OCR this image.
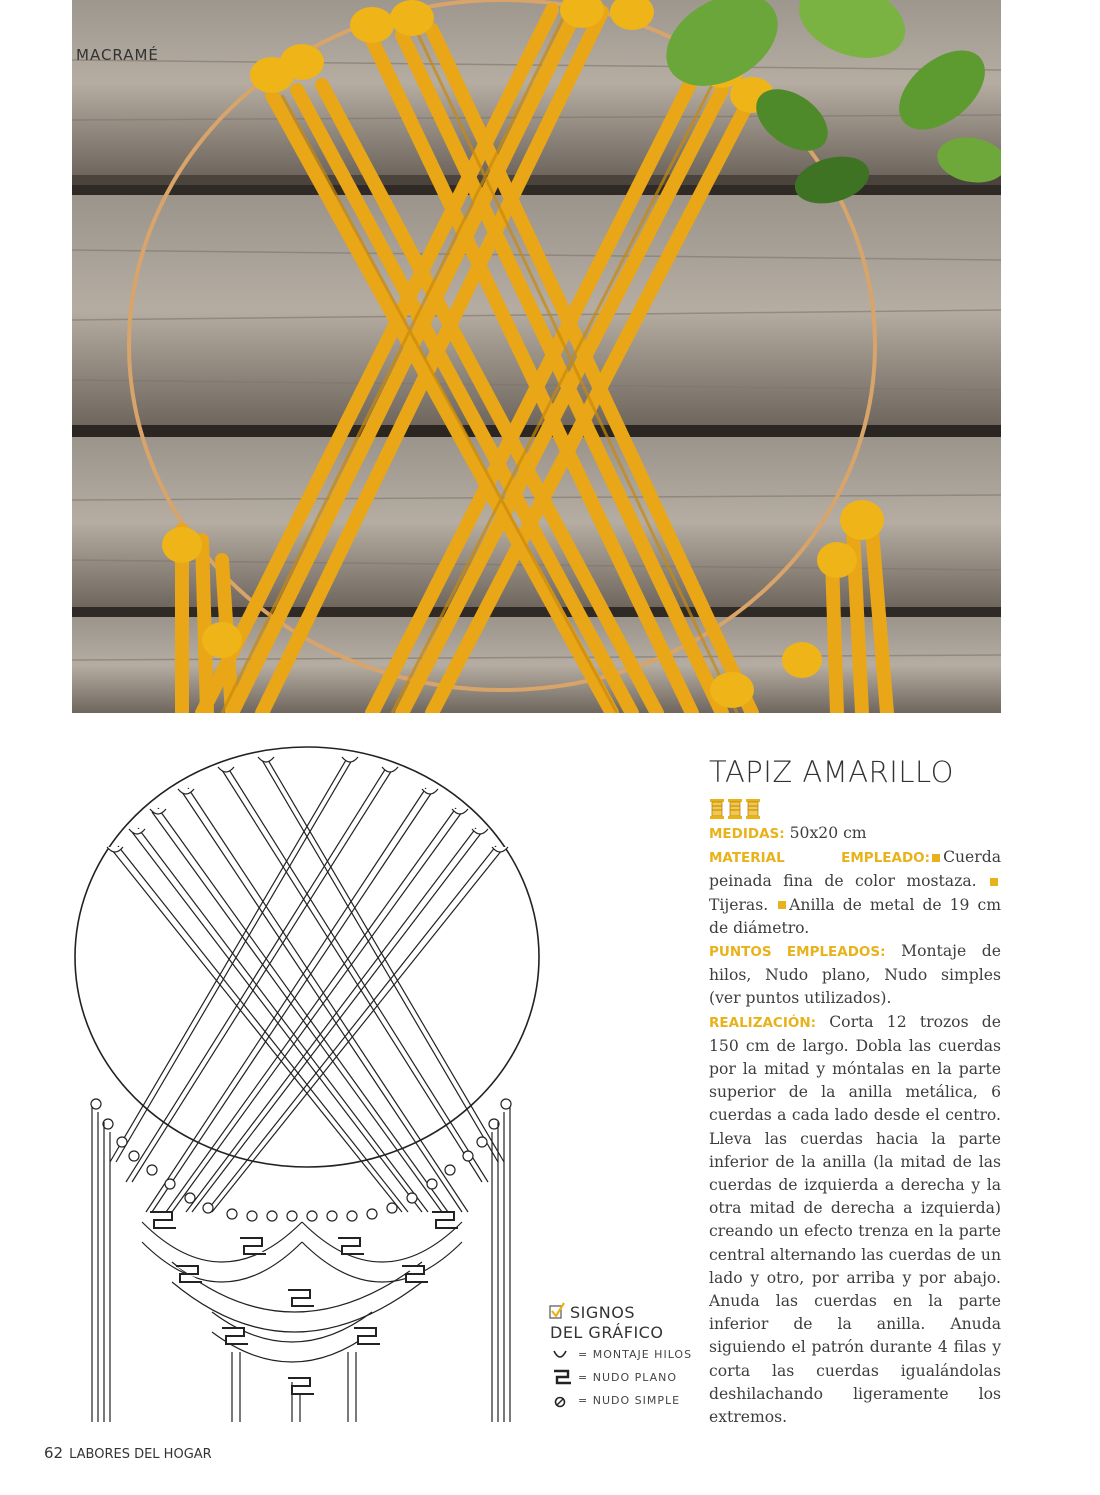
MACRAMÉ
SIGNOS
DEL GRÁFICO
= MONTAJE HILOS
= NUDO PLANO
= NUDO SIMPLE
TAPIZ AMARILLO

MEDIDAS: 50x20 cm

MATERIAL EMPLEADO: Cuerda peinada fina de color mostaza. Tijeras. Anilla de metal de 19 cm de diámetro.

PUNTOS EMPLEADOS: Montaje de hilos, Nudo plano, Nudo simples (ver puntos utilizados).

REALIZACIÓN: Corta 12 trozos de 150 cm de largo. Dobla las cuerdas por la mitad y móntalas en la parte superior de la anilla metálica, 6 cuerdas a cada lado desde el centro. Lleva las cuerdas hacia la parte inferior de la anilla (la mitad de las cuerdas de izquierda a derecha y la otra mitad de derecha a izquierda) creando un efecto trenza en la parte central alternando las cuerdas de un lado y otro, por arriba y por abajo. Anuda las cuerdas en la parte inferior de la anilla. Anuda siguiendo el patrón durante 4 filas y corta las cuerdas igualándolas deshilachando ligeramente los extremos.

62 LABORES DEL HOGAR
